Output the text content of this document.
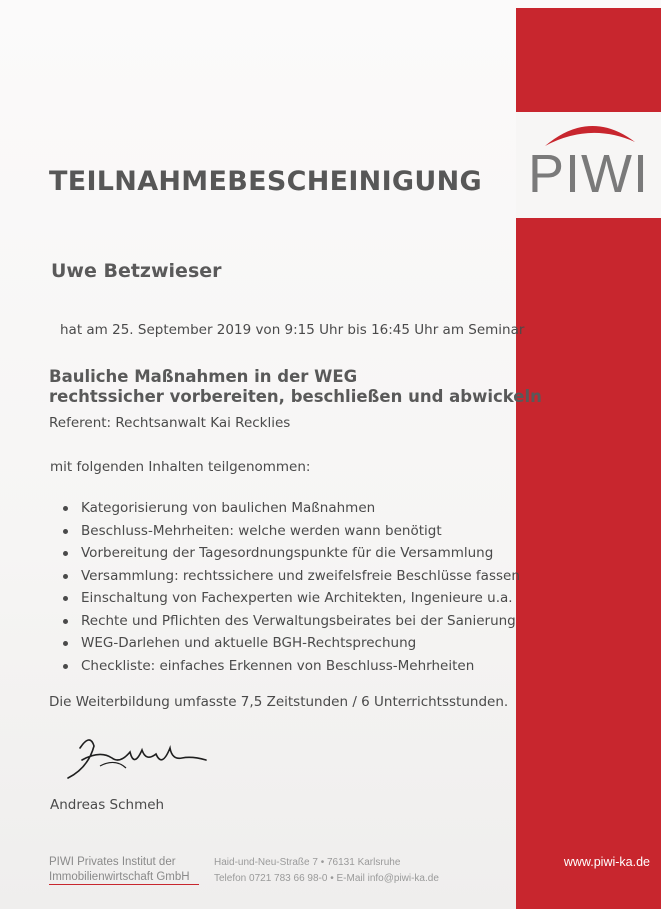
PIWI
TEILNAHMEBESCHEINIGUNG
Uwe Betzwieser
hat am 25. September 2019 von 9:15 Uhr bis 16:45 Uhr am Seminar
Bauliche Maßnahmen in der WEG
rechtssicher vorbereiten, beschließen und abwickeln
Referent: Rechtsanwalt Kai Recklies
mit folgenden Inhalten teilgenommen:
Kategorisierung von baulichen Maßnahmen
Beschluss-Mehrheiten: welche werden wann benötigt
Vorbereitung der Tagesordnungspunkte für die Versammlung
Versammlung: rechtssichere und zweifelsfreie Beschlüsse fassen
Einschaltung von Fachexperten wie Architekten, Ingenieure u.a.
Rechte und Pflichten des Verwaltungsbeirates bei der Sanierung
WEG-Darlehen und aktuelle BGH-Rechtsprechung
Checkliste: einfaches Erkennen von Beschluss-Mehrheiten
Die Weiterbildung umfasste 7,5 Zeitstunden / 6 Unterrichtsstunden.
Andreas Schmeh
PIWI Privates Institut der
Immobilienwirtschaft GmbH
Haid-und-Neu-Straße 7 • 76131 Karlsruhe
Telefon 0721 783 66 98-0 • E-Mail info@piwi-ka.de
www.piwi-ka.de
